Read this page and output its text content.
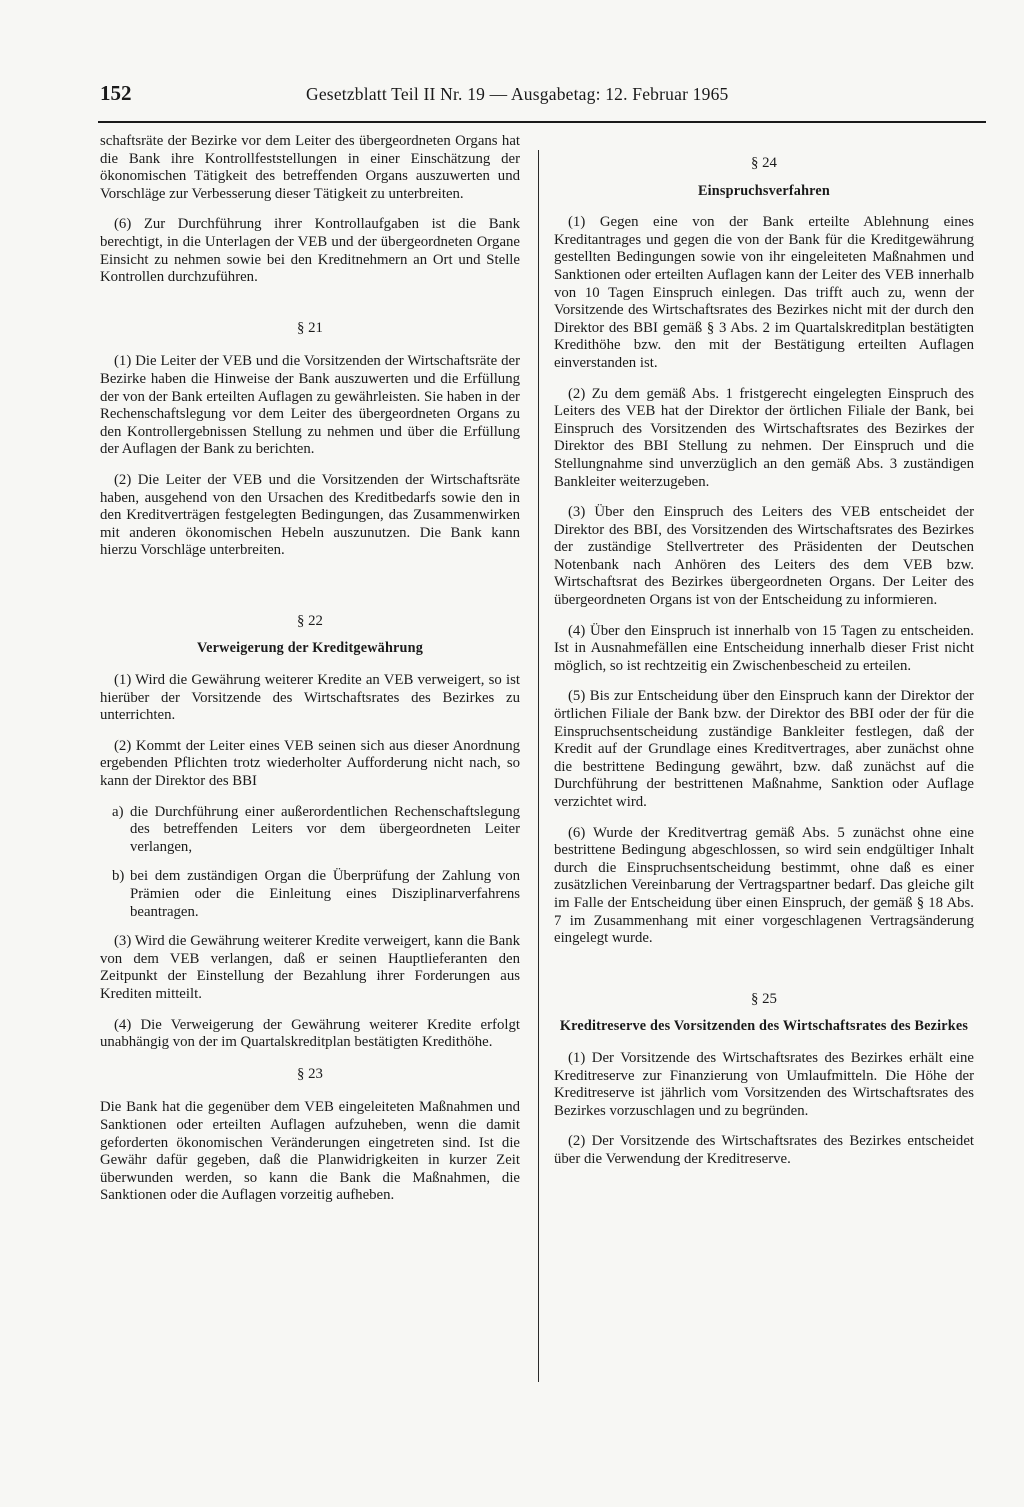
152	Gesetzblatt Teil II Nr. 19 — Ausgabetag: 12. Februar 1965

schaftsräte der Bezirke vor dem Leiter des übergeordneten Organs hat die Bank ihre Kontrollfeststellungen in einer Einschätzung der ökonomischen Tätigkeit des betreffenden Organs auszuwerten und Vorschläge zur Verbesserung dieser Tätigkeit zu unterbreiten.

(6) Zur Durchführung ihrer Kontrollaufgaben ist die Bank berechtigt, in die Unterlagen der VEB und der übergeordneten Organe Einsicht zu nehmen sowie bei den Kreditnehmern an Ort und Stelle Kontrollen durchzuführen.

§ 21

(1) Die Leiter der VEB und die Vorsitzenden der Wirtschaftsräte der Bezirke haben die Hinweise der Bank auszuwerten und die Erfüllung der von der Bank erteilten Auflagen zu gewährleisten. Sie haben in der Rechenschaftslegung vor dem Leiter des übergeordneten Organs zu den Kontrollergebnissen Stellung zu nehmen und über die Erfüllung der Auflagen der Bank zu berichten.

(2) Die Leiter der VEB und die Vorsitzenden der Wirtschaftsräte haben, ausgehend von den Ursachen des Kreditbedarfs sowie den in den Kreditverträgen festgelegten Bedingungen, das Zusammenwirken mit anderen ökonomischen Hebeln auszunutzen. Die Bank kann hierzu Vorschläge unterbreiten.

§ 22
Verweigerung der Kreditgewährung

(1) Wird die Gewährung weiterer Kredite an VEB verweigert, so ist hierüber der Vorsitzende des Wirtschaftsrates des Bezirkes zu unterrichten.

(2) Kommt der Leiter eines VEB seinen sich aus dieser Anordnung ergebenden Pflichten trotz wiederholter Aufforderung nicht nach, so kann der Direktor des BBI

a) die Durchführung einer außerordentlichen Rechenschaftslegung des betreffenden Leiters vor dem übergeordneten Leiter verlangen,
b) bei dem zuständigen Organ die Überprüfung der Zahlung von Prämien oder die Einleitung eines Disziplinarverfahrens beantragen.

(3) Wird die Gewährung weiterer Kredite verweigert, kann die Bank von dem VEB verlangen, daß er seinen Hauptlieferanten den Zeitpunkt der Einstellung der Bezahlung ihrer Forderungen aus Krediten mitteilt.

(4) Die Verweigerung der Gewährung weiterer Kredite erfolgt unabhängig von der im Quartalskreditplan bestätigten Kredithöhe.

§ 23

Die Bank hat die gegenüber dem VEB eingeleiteten Maßnahmen und Sanktionen oder erteilten Auflagen aufzuheben, wenn die damit geforderten ökonomischen Veränderungen eingetreten sind. Ist die Gewähr dafür gegeben, daß die Planwidrigkeiten in kurzer Zeit überwunden werden, so kann die Bank die Maßnahmen, die Sanktionen oder die Auflagen vorzeitig aufheben.

§ 24
Einspruchsverfahren

(1) Gegen eine von der Bank erteilte Ablehnung eines Kreditantrages und gegen die von der Bank für die Kreditgewährung gestellten Bedingungen sowie von ihr eingeleiteten Maßnahmen und Sanktionen oder erteilten Auflagen kann der Leiter des VEB innerhalb von 10 Tagen Einspruch einlegen. Das trifft auch zu, wenn der Vorsitzende des Wirtschaftsrates des Bezirkes nicht mit der durch den Direktor des BBI gemäß § 3 Abs. 2 im Quartalskreditplan bestätigten Kredithöhe bzw. den mit der Bestätigung erteilten Auflagen einverstanden ist.

(2) Zu dem gemäß Abs. 1 fristgerecht eingelegten Einspruch des Leiters des VEB hat der Direktor der örtlichen Filiale der Bank, bei Einspruch des Vorsitzenden des Wirtschaftsrates des Bezirkes der Direktor des BBI Stellung zu nehmen. Der Einspruch und die Stellungnahme sind unverzüglich an den gemäß Abs. 3 zuständigen Bankleiter weiterzugeben.

(3) Über den Einspruch des Leiters des VEB entscheidet der Direktor des BBI, des Vorsitzenden des Wirtschaftsrates des Bezirkes der zuständige Stellvertreter des Präsidenten der Deutschen Notenbank nach Anhören des Leiters des dem VEB bzw. Wirtschaftsrat des Bezirkes übergeordneten Organs. Der Leiter des übergeordneten Organs ist von der Entscheidung zu informieren.

(4) Über den Einspruch ist innerhalb von 15 Tagen zu entscheiden. Ist in Ausnahmefällen eine Entscheidung innerhalb dieser Frist nicht möglich, so ist rechtzeitig ein Zwischenbescheid zu erteilen.

(5) Bis zur Entscheidung über den Einspruch kann der Direktor der örtlichen Filiale der Bank bzw. der Direktor des BBI oder der für die Einspruchsentscheidung zuständige Bankleiter festlegen, daß der Kredit auf der Grundlage eines Kreditvertrages, aber zunächst ohne die bestrittene Bedingung gewährt, bzw. daß zunächst auf die Durchführung der bestrittenen Maßnahme, Sanktion oder Auflage verzichtet wird.

(6) Wurde der Kreditvertrag gemäß Abs. 5 zunächst ohne eine bestrittene Bedingung abgeschlossen, so wird sein endgültiger Inhalt durch die Einspruchsentscheidung bestimmt, ohne daß es einer zusätzlichen Vereinbarung der Vertragspartner bedarf. Das gleiche gilt im Falle der Entscheidung über einen Einspruch, der gemäß § 18 Abs. 7 im Zusammenhang mit einer vorgeschlagenen Vertragsänderung eingelegt wurde.

§ 25
Kreditreserve des Vorsitzenden des Wirtschaftsrates des Bezirkes

(1) Der Vorsitzende des Wirtschaftsrates des Bezirkes erhält eine Kreditreserve zur Finanzierung von Umlaufmitteln. Die Höhe der Kreditreserve ist jährlich vom Vorsitzenden des Wirtschaftsrates des Bezirkes vorzuschlagen und zu begründen.

(2) Der Vorsitzende des Wirtschaftsrates des Bezirkes entscheidet über die Verwendung der Kreditreserve.
